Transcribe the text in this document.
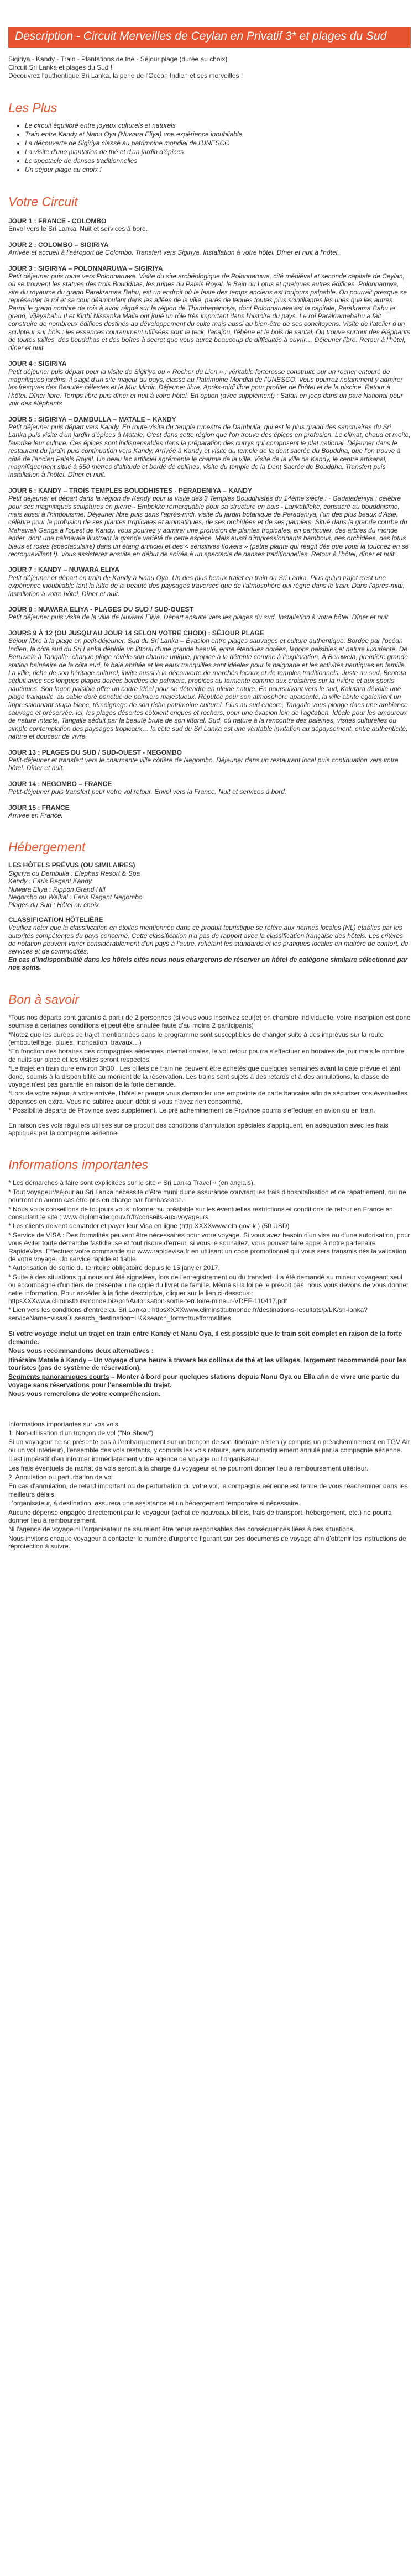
Description - Circuit Merveilles de Ceylan en Privatif 3* et plages du Sud
Sigiriya - Kandy - Train - Plantations de thé - Séjour plage (durée au choix)
Circuit Sri Lanka et plages du Sud !
Découvrez l'authentique Sri Lanka, la perle de l'Océan Indien et ses merveilles !
Les Plus
• Le circuit équilibré entre joyaux culturels et naturels
• Train entre Kandy et Nanu Oya (Nuwara Eliya) une expérience inoubliable
• La découverte de Sigiriya classé au patrimoine mondial de l'UNESCO
• La visite d'une plantation de thé et d'un jardin d'épices
• Le spectacle de danses traditionnelles
• Un séjour plage au choix !
Votre Circuit
JOUR 1 : FRANCE - COLOMBO

Envol vers le Sri Lanka. Nuit et services à bord.

JOUR 2 : COLOMBO – SIGIRIYA

Arrivée et accueil à l'aéroport de Colombo. Transfert vers Sigiriya. Installation à votre hôtel. Dîner et nuit à l'hôtel.

JOUR 3 : SIGIRIYA – POLONNARUWA – SIGIRIYA

Petit déjeuner puis route vers Polonnaruwa. Visite du site archéologique de Polonnaruwa, cité médiéval et seconde capitale de Ceylan, où se trouvent les statues des trois Bouddhas, les ruines du Palais Royal, le Bain du Lotus et quelques autres édifices. Polonnaruwa, site du royaume du grand Parakramaa Bahu, est un endroit où le faste des temps anciens est toujours palpable. On pourrait presque se représenter le roi et sa cour déambulant dans les allées de la ville, parés de tenues toutes plus scintillantes les unes que les autres. Parmi le grand nombre de rois à avoir régné sur la région de Thambapanniya, dont Polonnaruwa est la capitale, Parakrama Bahu le grand, Vijayabahu II et Kirthi Nissanka Malle ont joué un rôle très important dans l'histoire du pays. Le roi Parakramabahu a fait construire de nombreux édifices destinés au développement du culte mais aussi au bien-être de ses concitoyens. Visite de l'atelier d'un sculpteur sur bois : les essences couramment utilisées sont le teck, l'acajou, l'ébène et le bois de santal. On trouve surtout des éléphants de toutes tailles, des bouddhas et des boîtes à secret que vous aurez beaucoup de difficultés à ouvrir… Déjeuner libre. Retour à l'hôtel, dîner et nuit.

JOUR 4 : SIGIRIYA

Petit déjeuner puis départ pour la visite de Sigiriya ou « Rocher du Lion » : véritable forteresse construite sur un rocher entouré de magnifiques jardins, il s'agit d'un site majeur du pays, classé au Patrimoine Mondial de l'UNESCO. Vous pourrez notamment y admirer les fresques des Beautés célestes et le Mur Miroir. Déjeuner libre. Après-midi libre pour profiter de l'hôtel et de la piscine. Retour à l'hôtel. Dîner libre. Temps libre puis dîner et nuit à votre hôtel. En option (avec supplément) : Safari en jeep dans un parc National pour voir des éléphants

JOUR 5 : SIGIRIYA – DAMBULLA – MATALE – KANDY

Petit déjeuner puis départ vers Kandy. En route visite du temple rupestre de Dambulla, qui est le plus grand des sanctuaires du Sri Lanka puis visite d'un jardin d'épices à Matale. C'est dans cette région que l'on trouve des épices en profusion. Le climat, chaud et moite, favorise leur culture. Ces épices sont indispensables dans la préparation des currys qui composent le plat national. Déjeuner dans le restaurant du jardin puis continuation vers Kandy. Arrivée à Kandy et visite du temple de la dent sacrée du Bouddha, que l'on trouve à côté de l'ancien Palais Royal. Un beau lac artificiel agrémente le charme de la ville. Visite de la ville de Kandy, le centre artisanal, magnifiquement situé à 550 mètres d'altitude et bordé de collines, visite du temple de la Dent Sacrée de Bouddha. Transfert puis installation à l'hôtel. Dîner et nuit.

JOUR 6 : KANDY – TROIS TEMPLES BOUDDHISTES - PERADENIYA – KANDY

Petit déjeuner et départ dans la région de Kandy pour la visite des 3 Temples Bouddhistes du 14ème siècle : - Gadaladeniya : célèbre pour ses magnifiques sculptures en pierre - Embekke remarquable pour sa structure en bois - Lankatilleke, consacré au bouddhisme, mais aussi à l'hindouisme. Déjeuner libre puis dans l'après-midi, visite du jardin botanique de Peradeniya, l'un des plus beaux d'Asie, célèbre pour la profusion de ses plantes tropicales et aromatiques, de ses orchidées et de ses palmiers. Situé dans la grande courbe du Mahaweli Ganga à l'ouest de Kandy, vous pourrez y admirer une profusion de plantes tropicales, en particulier, des arbres du monde entier, dont une palmeraie illustrant la grande variété de cette espèce. Mais aussi d'impressionnants bambous, des orchidées, des lotus bleus et roses (spectaculaire) dans un étang artificiel et des « sensitives flowers » (petite plante qui réagit dès que vous la touchez en se recroquevillant !). Vous assisterez ensuite en début de soirée à un spectacle de danses traditionnelles. Retour à l'hôtel, dîner et nuit.

JOUR 7 : KANDY – NUWARA ELIYA

Petit déjeuner et départ en train de Kandy à Nanu Oya. Un des plus beaux trajet en train du Sri Lanka. Plus qu'un trajet c'est une expérience inoubliable tant la lutte de la beauté des paysages traversés que de l'atmosphère qui règne dans le train. Dans l'après-midi, installation à votre hôtel. Dîner et nuit.

JOUR 8 : NUWARA ELIYA - PLAGES DU SUD / SUD-OUEST

Petit déjeuner puis visite de la ville de Nuwara Eliya. Départ ensuite vers les plages du sud. Installation à votre hôtel. Dîner et nuit.

JOURS 9 À 12 (OU JUSQU'AU JOUR 14 SELON VOTRE CHOIX) : SÉJOUR PLAGE

Séjour libre à la plage en petit-déjeuner. Sud du Sri Lanka – Évasion entre plages sauvages et culture authentique. Bordée par l'océan Indien, la côte sud du Sri Lanka déploie un littoral d'une grande beauté, entre étendues dorées, lagons paisibles et nature luxuriante. De Beruwela à Tangalle, chaque plage révèle son charme unique, propice à la détente comme à l'exploration. À Beruwela, première grande station balnéaire de la côte sud, la baie abritée et les eaux tranquilles sont idéales pour la baignade et les activités nautiques en famille. La ville, riche de son héritage culturel, invite aussi à la découverte de marchés locaux et de temples traditionnels. Juste au sud, Bentota séduit avec ses longues plages dorées bordées de palmiers, propices au farniente comme aux croisières sur la rivière et aux sports nautiques. Son lagon paisible offre un cadre idéal pour se détendre en pleine nature. En poursuivant vers le sud, Kalutara dévoile une plage tranquille, au sable doré ponctué de palmiers majestueux. Réputée pour son atmosphère apaisante, la ville abrite également un impressionnant stupa blanc, témoignage de son riche patrimoine culturel. Plus au sud encore, Tangalle vous plonge dans une ambiance sauvage et préservée. Ici, les plages désertes côtoient criques et rochers, pour une évasion loin de l'agitation. Idéale pour les amoureux de nature intacte, Tangalle séduit par la beauté brute de son littoral. Sud, où nature à la rencontre des baleines, visites culturelles ou simple contemplation des paysages tropicaux… la côte sud du Sri Lanka est une véritable invitation au dépaysement, entre authenticité, nature et douceur de vivre.

JOUR 13 : PLAGES DU SUD / SUD-OUEST - NEGOMBO

Petit-déjeuner et transfert vers le charmante ville côtière de Negombo. Déjeuner dans un restaurant local puis continuation vers votre hôtel. Dîner et nuit.

JOUR 14 : NEGOMBO – FRANCE

Petit-déjeuner puis transfert pour votre vol retour. Envol vers la France. Nuit et services à bord.

JOUR 15 : FRANCE

Arrivée en France.

Hébergement
LES HÔTELS PRÉVUS (OU SIMILAIRES)

Sigiriya ou Dambulla : Elephas Resort & Spa

Kandy : Earls Regent Kandy

Nuwara Eliya : Rippon Grand Hill

Negombo ou Waikal : Earls Regent Negombo

Plages du Sud : Hôtel au choix

CLASSIFICATION HÔTELIÈRE

Veuillez noter que la classification en étoiles mentionnée dans ce produit touristique se réfère aux normes locales (NL) établies par les autorités compétentes du pays concerné. Cette classification n'a pas de rapport avec la classification française des hôtels. Les critères de notation peuvent varier considérablement d'un pays à l'autre, reflétant les standards et les pratiques locales en matière de confort, de services et de commodités.

En cas d'indisponibilité dans les hôtels cités nous nous chargerons de réserver un hôtel de catégorie similaire sélectionné par nos soins.

Bon à savoir

*Tous nos départs sont garantis à partir de 2 personnes (si vous vous inscrivez seul(e) en chambre individuelle, votre inscription est donc soumise à certaines conditions et peut être annulée faute d'au moins 2 participants)

*Notez que les durées de trajet mentionnées dans le programme sont susceptibles de changer suite à des imprévus sur la route (embouteillage, pluies, inondation, travaux…)

*En fonction des horaires des compagnies aériennes internationales, le vol retour pourra s'effectuer en horaires de jour mais le nombre de nuits sur place et les visites seront respectés.

*Le trajet en train dure environ 3h30 . Les billets de train ne peuvent être achetés que quelques semaines avant la date prévue et tant donc, soumis à la disponibilité au moment de la réservation. Les trains sont sujets à des retards et à des annulations, la classe de voyage n'est pas garantie en raison de la forte demande.

*Lors de votre séjour, à votre arrivée, l'hôtelier pourra vous demander une empreinte de carte bancaire afin de sécuriser vos éventuelles dépenses en extra. Vous ne subirez aucun débit si vous n'avez rien consommé.

* Possibilité départs de Province avec supplément. Le pré acheminement de Province pourra s'effectuer en avion ou en train.

En raison des vols réguliers utilisés sur ce produit des conditions d'annulation spéciales s'appliquent, en adéquation avec les frais appliqués par la compagnie aérienne.

Informations importantes

* Les démarches à faire sont explicitées sur le site « Sri Lanka Travel » (en anglais).

* Tout voyageur/séjour au Sri Lanka nécessite d'être muni d'une assurance couvrant les frais d'hospitalisation et de rapatriement, qui ne pourront en aucun cas être pris en charge par l'ambassade.

* Nous vous conseillons de toujours vous informer au préalable sur les éventuelles restrictions et conditions de retour en France en consultant le site : www.diplomatie.gouv.fr/fr/conseils-aux-voyageurs

* Les clients doivent demander et payer leur Visa en ligne (http.XXXXwww.eta.gov.lk ) (50 USD)

* Service de VISA : Des formalités peuvent être nécessaires pour votre voyage. Si vous avez besoin d'un visa ou d'une autorisation, pour vous éviter toute démarche fastidieuse et tout risque d'erreur, si vous le souhaitez, vous pouvez faire appel à notre partenaire RapideVisa. Effectuez votre commande sur www.rapidevisa.fr en utilisant un code promotionnel qui vous sera transmis dès la validation de votre voyage. Un service rapide et fiable.

* Autorisation de sortie du territoire obligatoire depuis le 15 janvier 2017.

* Suite à des situations qui nous ont été signalées, lors de l'enregistrement ou du transfert, il a été demandé au mineur voyageant seul ou accompagné d'un tiers de présenter une copie du livret de famille. Même si la loi ne le prévoit pas, nous vous devons de vous donner cette information. Pour accéder à la fiche descriptive, cliquer sur le lien ci-dessous : httpsXXXwww.climinstitutsmonde.biz/pdf/Autorisation-sortie-territoire-mineur-VDEF-110417.pdf

* Lien vers les conditions d'entrée au Sri Lanka : httpsXXXXwww.climinstitutmonde.fr/destinations-resultats/p/LK/sri-lanka?serviceName=visasOLsearch_destination=LK&search_form=truefformalities

Si votre voyage inclut un trajet en train entre Kandy et Nanu Oya, il est possible que le train soit complet en raison de la forte demande.

Nous vous recommandons deux alternatives :

Itinéraire Matale à Kandy – Un voyage d'une heure à travers les collines de thé et les villages, largement recommandé pour les touristes (pas de système de réservation).

Segments panoramiques courts – Monter à bord pour quelques stations depuis Nanu Oya ou Ella afin de vivre une partie du voyage sans réservations pour l'ensemble du trajet.

Nous vous remercions de votre compréhension.

Informations importantes sur vos vols

1. Non-utilisation d'un tronçon de vol ("No Show")

Si un voyageur ne se présente pas à l'embarquement sur un tronçon de son itinéraire aérien (y compris un préacheminement en TGV Air ou un vol intérieur), l'ensemble des vols restants, y compris les vols retours, sera automatiquement annulé par la compagnie aérienne.

Il est impératif d'en informer immédiatement votre agence de voyage ou l'organisateur.

Les frais éventuels de rachat de vols seront à la charge du voyageur et ne pourront donner lieu à remboursement ultérieur.

2. Annulation ou perturbation de vol

En cas d'annulation, de retard important ou de perturbation du votre vol, la compagnie aérienne est tenue de vous réacheminer dans les meilleurs délais.

L'organisateur, à destination, assurera une assistance et un hébergement temporaire si nécessaire.

Aucune dépense engagée directement par le voyageur (achat de nouveaux billets, frais de transport, hébergement, etc.) ne pourra donner lieu à remboursement.

Ni l'agence de voyage ni l'organisateur ne sauraient être tenus responsables des conséquences liées à ces situations.

Nous invitons chaque voyageur à contacter le numéro d'urgence figurant sur ses documents de voyage afin d'obtenir les instructions de réprotection à suivre.
